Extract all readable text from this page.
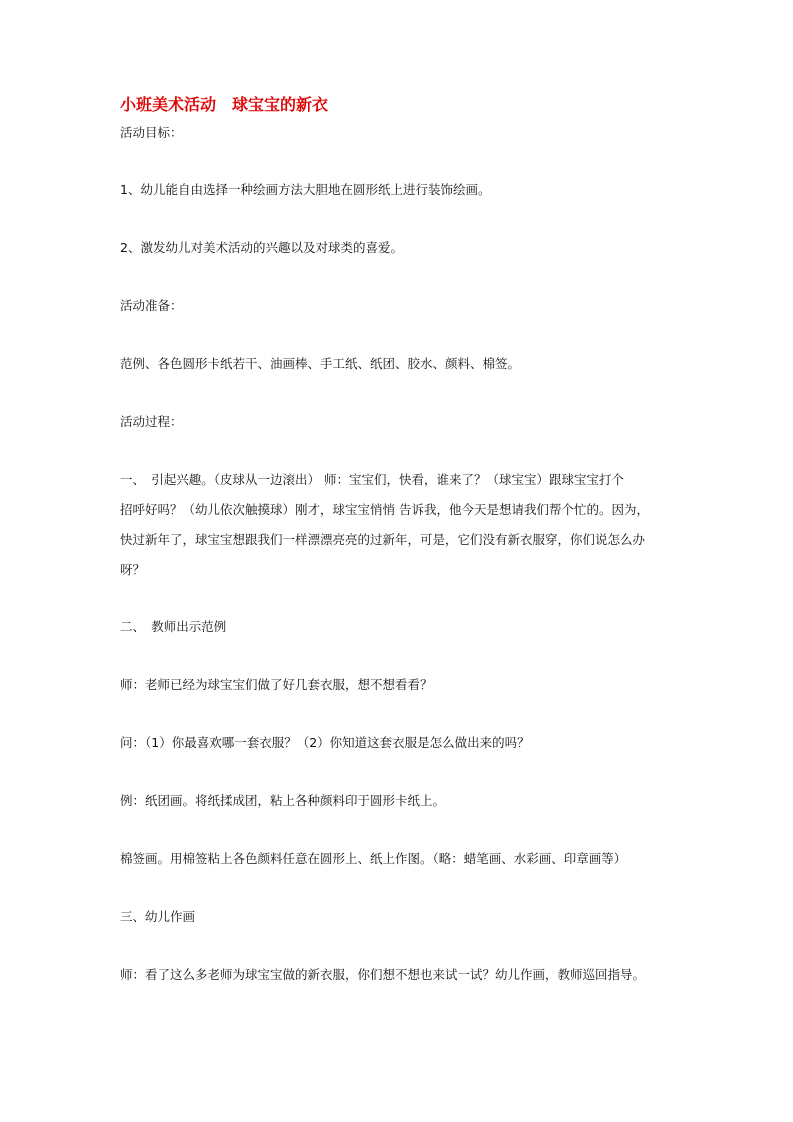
小班美术活动　球宝宝的新衣

活动目标：

1、幼儿能自由选择一种绘画方法大胆地在圆形纸上进行装饰绘画。

2、激发幼儿对美术活动的兴趣以及对球类的喜爱。

活动准备：

范例、各色圆形卡纸若干、油画棒、手工纸、纸团、胶水、颜料、棉签。

活动过程：

一、　引起兴趣。（皮球从一边滚出） 师：宝宝们，快看，谁来了？（球宝宝）跟球宝宝打个
招呼好吗？（幼儿依次触摸球）刚才，球宝宝悄悄 告诉我，他今天是想请我们帮个忙的。因为，
快过新年了，球宝宝想跟我们一样漂漂亮亮的过新年，可是，它们没有新衣服穿，你们说怎么办
呀？

二、　教师出示范例

师：老师已经为球宝宝们做了好几套衣服，想不想看看？

问：（1）你最喜欢哪一套衣服？（2）你知道这套衣服是怎么做出来的吗？

例：纸团画。将纸揉成团，粘上各种颜料印于圆形卡纸上。

棉签画。用棉签粘上各色颜料任意在圆形上、纸上作图。（略：蜡笔画、水彩画、印章画等）

三、幼儿作画

师：看了这么多老师为球宝宝做的新衣服，你们想不想也来试一试？幼儿作画，教师巡回指导。
